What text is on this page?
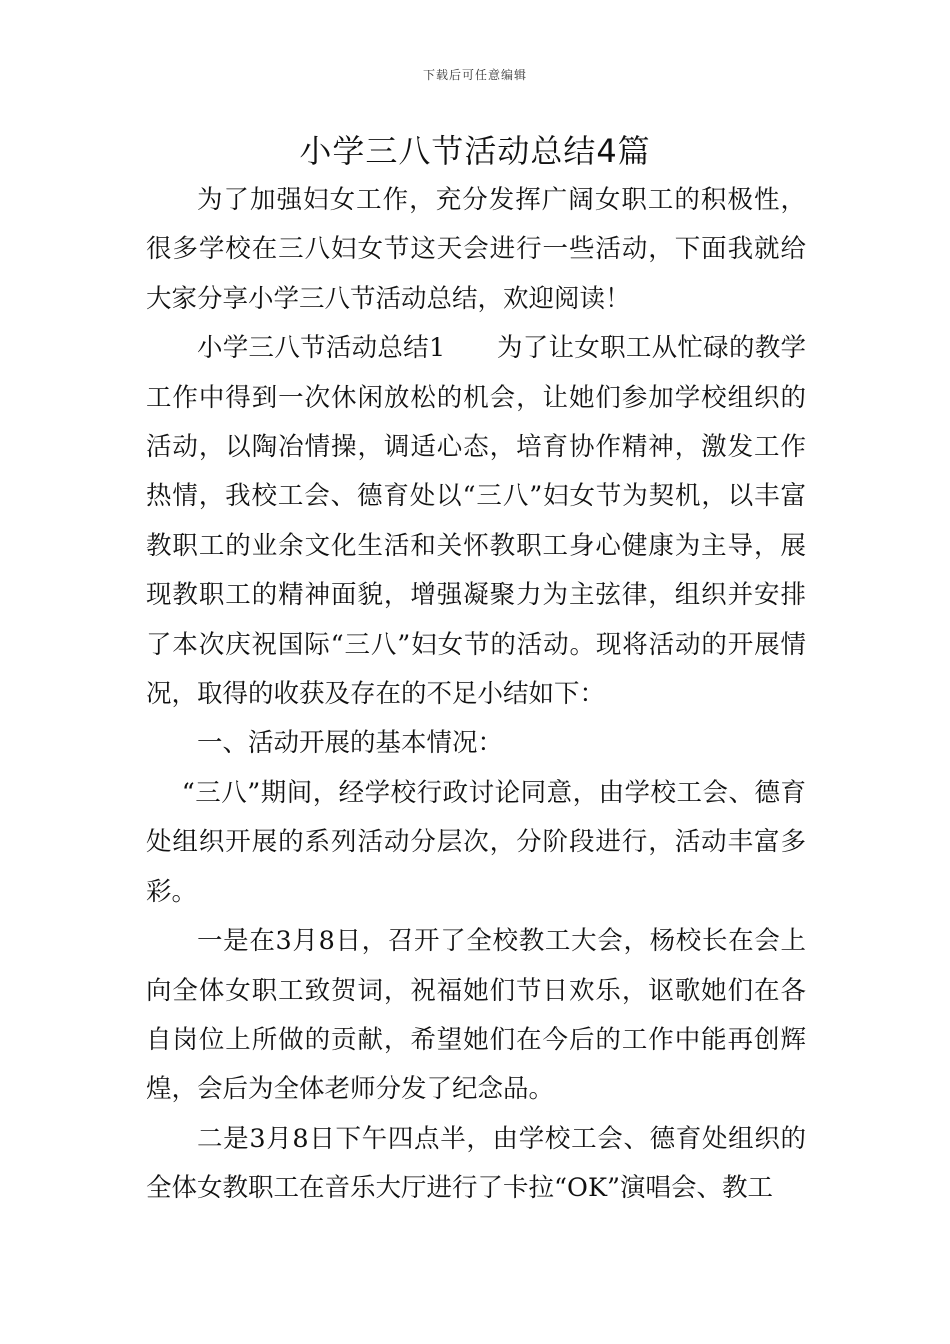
下载后可任意编辑
小学三八节活动总结4篇

为了加强妇女工作，充分发挥广阔女职工的积极性，很多学校在三八妇女节这天会进行一些活动，下面我就给大家分享小学三八节活动总结，欢迎阅读！

小学三八节活动总结1　　为了让女职工从忙碌的教学工作中得到一次休闲放松的机会，让她们参加学校组织的活动，以陶冶情操，调适心态，培育协作精神，激发工作热情，我校工会、德育处以“三八”妇女节为契机，以丰富教职工的业余文化生活和关怀教职工身心健康为主导，展现教职工的精神面貌，增强凝聚力为主弦律，组织并安排了本次庆祝国际“三八”妇女节的活动。现将活动的开展情况，取得的收获及存在的不足小结如下：

一、活动开展的基本情况：

“三八”期间，经学校行政讨论同意，由学校工会、德育处组织开展的系列活动分层次，分阶段进行，活动丰富多彩。

一是在3月8日，召开了全校教工大会，杨校长在会上向全体女职工致贺词，祝福她们节日欢乐，讴歌她们在各自岗位上所做的贡献，希望她们在今后的工作中能再创辉煌，会后为全体老师分发了纪念品。

二是3月8日下午四点半，由学校工会、德育处组织的全体女教职工在音乐大厅进行了卡拉“OK”演唱会、教工
